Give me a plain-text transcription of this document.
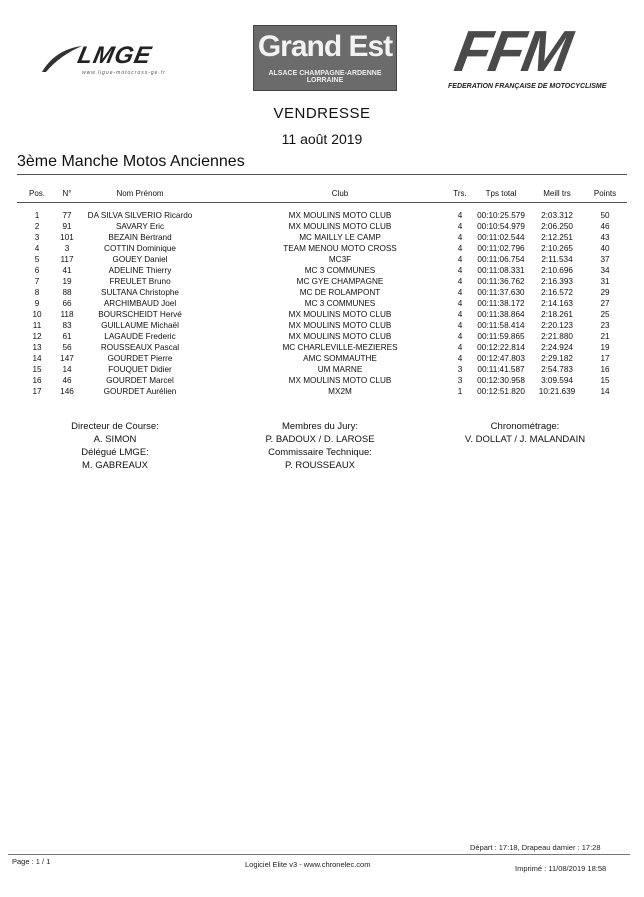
LMGE
www.ligue-motocross-ge.fr
Grand Est
ALSACE CHAMPAGNE-ARDENNE LORRAINE	FFM
FEDERATION FRANÇAISE DE MOTOCYCLISME
VENDRESSE
11 août 2019
3ème Manche Motos Anciennes
Pos.	N°	Nom Prénom	Club	Trs.	Tps total	Meill trs	Points
1	77	DA SILVA SILVERIO Ricardo	MX MOULINS MOTO CLUB	4	00:10:25.579	2:03.312	50
2	91	SAVARY Eric	MX MOULINS MOTO CLUB	4	00:10:54.979	2:06.250	46
3	101	BEZAIN Bertrand	MC MAILLY LE CAMP	4	00:11:02.544	2:12.251	43
4	3	COTTIN Dominique	TEAM MENOU MOTO CROSS	4	00:11:02.796	2:10.265	40
5	117	GOUEY Daniel	MC3F	4	00:11:06.754	2:11.534	37
6	41	ADELINE Thierry	MC 3 COMMUNES	4	00:11:08.331	2:10.696	34
7	19	FREULET Bruno	MC GYE CHAMPAGNE	4	00:11:36.762	2:16.393	31
8	88	SULTANA Christophe	MC DE ROLAMPONT	4	00:11:37.630	2:16.572	29
9	66	ARCHIMBAUD Joel	MC 3 COMMUNES	4	00:11:38.172	2:14.163	27
10	118	BOURSCHEIDT Hervé	MX MOULINS MOTO CLUB	4	00:11:38.864	2:18.261	25
11	83	GUILLAUME Michaël	MX MOULINS MOTO CLUB	4	00:11:58.414	2:20.123	23
12	61	LAGAUDE Frederic	MX MOULINS MOTO CLUB	4	00:11:59.865	2:21.880	21
13	56	ROUSSEAUX Pascal	MC CHARLEVILLE-MEZIERES	4	00:12:22.814	2:24.924	19
14	147	GOURDET Pierre	AMC SOMMAUTHE	4	00:12:47.803	2:29.182	17
15	14	FOUQUET Didier	UM MARNE	3	00:11:41.587	2:54.783	16
16	46	GOURDET Marcel	MX MOULINS MOTO CLUB	3	00:12:30.958	3:09.594	15
17	146	GOURDET Aurélien	MX2M	1	00:12:51.820	10:21.639	14
Directeur de Course:
A. SIMON
Délégué LMGE:
M. GABREAUX
Membres du Jury:
P. BADOUX / D. LAROSE
Commissaire Technique:
P. ROUSSEAUX
Chronométrage:
V. DOLLAT / J. MALANDAIN
Départ : 17:18, Drapeau damier : 17:28
Page : 1 / 1	Logiciel Elite v3 - www.chronelec.com	Imprimé : 11/08/2019 18:58
